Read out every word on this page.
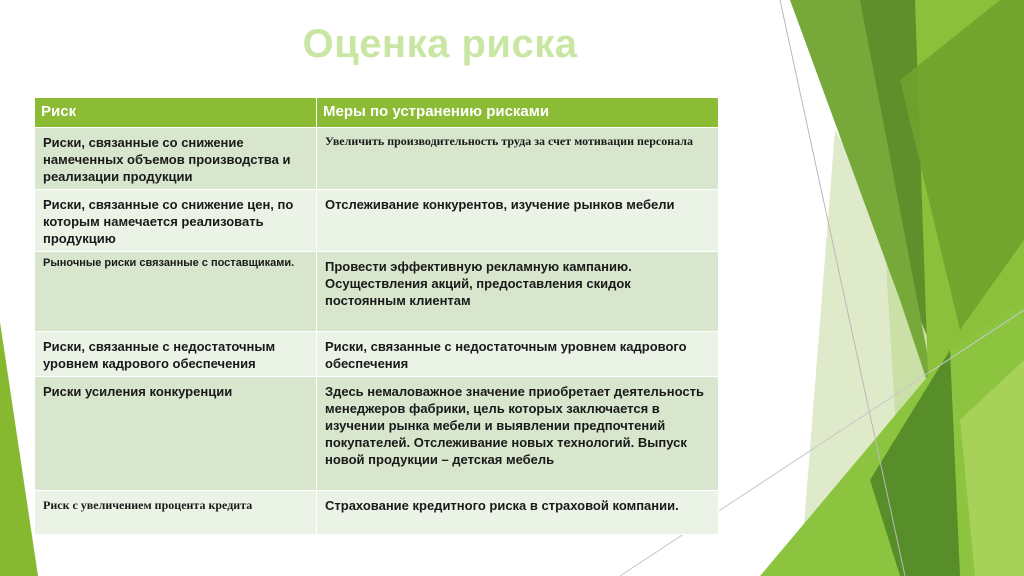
Оценка риска
Риск	Меры по устранению рисками
Риски, связанные со снижение намеченных объемов производства и реализации продукции	Увеличить производительность труда за счет мотивации персонала
Риски, связанные со снижение цен, по которым намечается реализовать продукцию	Отслеживание конкурентов, изучение рынков мебели
Рыночные риски связанные с поставщиками.	Провести эффективную рекламную кампанию. Осуществления акций, предоставления скидок постоянным клиентам
Риски, связанные с недостаточным уровнем кадрового обеспечения	Риски, связанные с недостаточным уровнем кадрового обеспечения
Риски усиления конкуренции	Здесь немаловажное значение приобретает деятельность менеджеров фабрики, цель которых заключается в изучении рынка мебели и выявлении предпочтений покупателей. Отслеживание новых технологий. Выпуск новой продукции – детская мебель
Риск с увеличением процента кредита	Страхование кредитного риска в страховой компании.
